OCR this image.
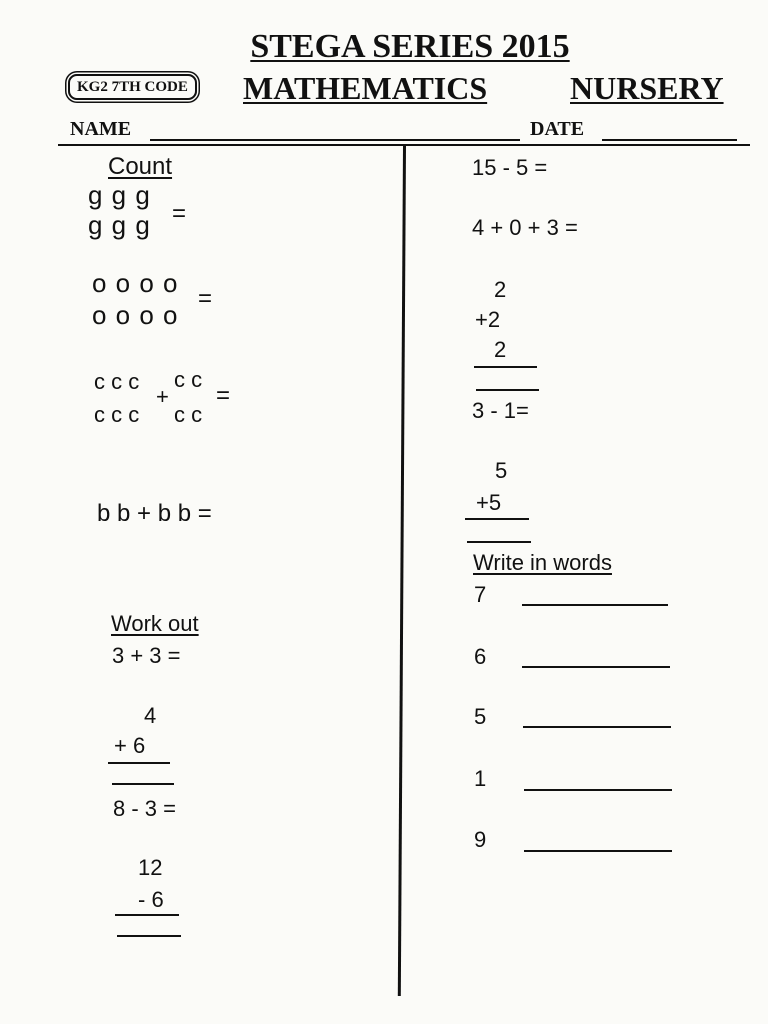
STEGA SERIES 2015
KG2 7TH CODE MATHEMATICS	NURSERY
NAME	DATE
Count
g g g
g g g =
o o o o
o o o o
=
c c c c c
c c c c c
+ =
b b + b b =
Work out
3 + 3 =
4
+ 6
8 - 3 =
12
- 6
15 - 5 =
4 + 0 + 3 =
2
+2
2
3 - 1=
5
+5
Write in words
7
6
5
1
9
